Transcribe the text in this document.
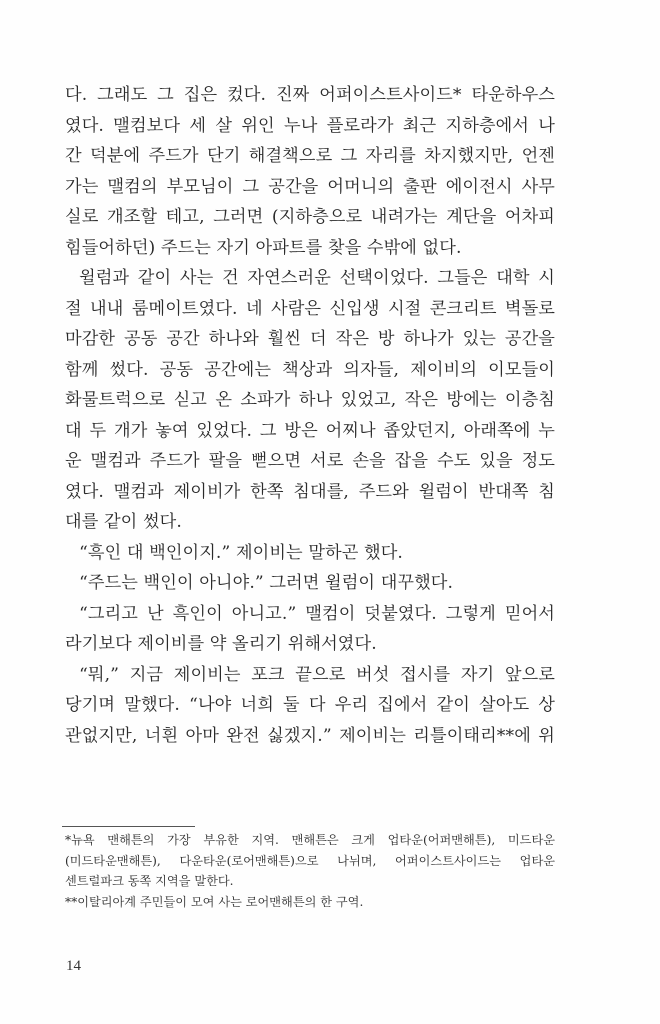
다. 그래도 그 집은 컸다. 진짜 어퍼이스트사이드* 타운하우스
였다. 맬컴보다 세 살 위인 누나 플로라가 최근 지하층에서 나
간 덕분에 주드가 단기 해결책으로 그 자리를 차지했지만, 언젠
가는 맬컴의 부모님이 그 공간을 어머니의 출판 에이전시 사무
실로 개조할 테고, 그러면 (지하층으로 내려가는 계단을 어차피
힘들어하던) 주드는 자기 아파트를 찾을 수밖에 없다.
윌럼과 같이 사는 건 자연스러운 선택이었다. 그들은 대학 시
절 내내 룸메이트였다. 네 사람은 신입생 시절 콘크리트 벽돌로
마감한 공동 공간 하나와 훨씬 더 작은 방 하나가 있는 공간을
함께 썼다. 공동 공간에는 책상과 의자들, 제이비의 이모들이
화물트럭으로 싣고 온 소파가 하나 있었고, 작은 방에는 이층침
대 두 개가 놓여 있었다. 그 방은 어찌나 좁았던지, 아래쪽에 누
운 맬컴과 주드가 팔을 뻗으면 서로 손을 잡을 수도 있을 정도
였다. 맬컴과 제이비가 한쪽 침대를, 주드와 윌럼이 반대쪽 침
대를 같이 썼다.
“흑인 대 백인이지.” 제이비는 말하곤 했다.
“주드는 백인이 아니야.” 그러면 윌럼이 대꾸했다.
“그리고 난 흑인이 아니고.” 맬컴이 덧붙였다. 그렇게 믿어서
라기보다 제이비를 약 올리기 위해서였다.
“뭐,” 지금 제이비는 포크 끝으로 버섯 접시를 자기 앞으로
당기며 말했다. “나야 너희 둘 다 우리 집에서 같이 살아도 상
관없지만, 너흰 아마 완전 싫겠지.” 제이비는 리틀이태리**에 위
*뉴욕 맨해튼의 가장 부유한 지역. 맨해튼은 크게 업타운(어퍼맨해튼), 미드타운
(미드타운맨해튼), 다운타운(로어맨해튼)으로 나뉘며, 어퍼이스트사이드는 업타운
센트럴파크 동쪽 지역을 말한다.
**이탈리아계 주민들이 모여 사는 로어맨해튼의 한 구역.
14
